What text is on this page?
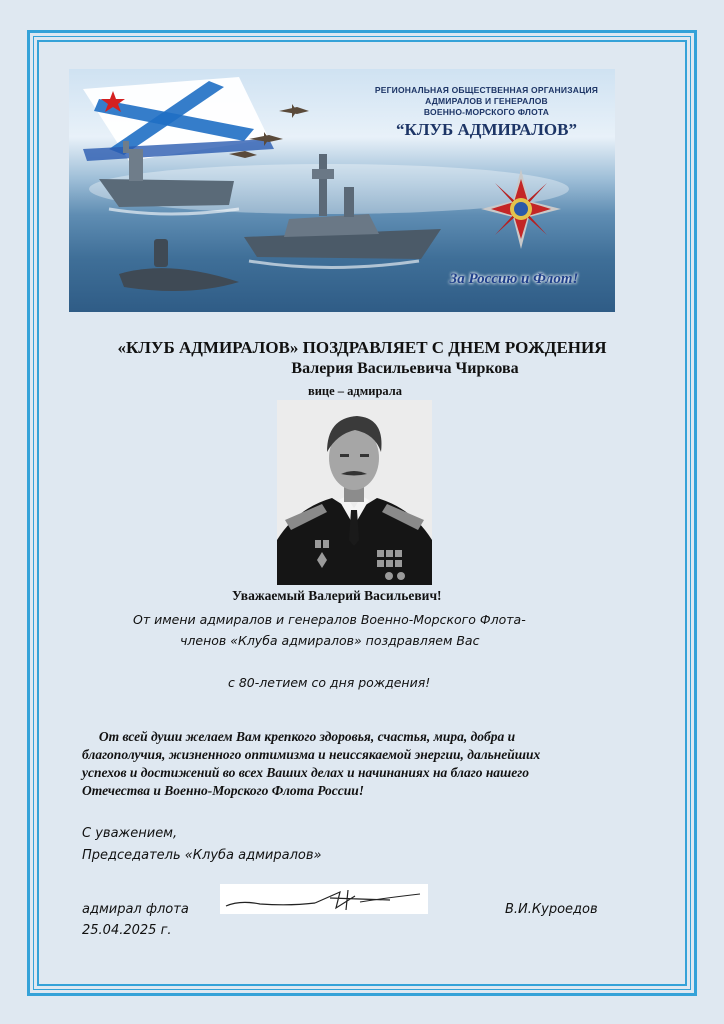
РЕГИОНАЛЬНАЯ ОБЩЕСТВЕННАЯ ОРГАНИЗАЦИЯ
АДМИРАЛОВ И ГЕНЕРАЛОВ
ВОЕННО-МОРСКОГО ФЛОТА
“КЛУБ АДМИРАЛОВ”
За Россию и Флот!
«КЛУБ АДМИРАЛОВ» ПОЗДРАВЛЯЕТ С ДНЕМ РОЖДЕНИЯ
Валерия Васильевича Чиркова
вице – адмирала
Уважаемый Валерий Васильевич!
От имени адмиралов и генералов Военно-Морского Флота-
членов «Клуба адмиралов» поздравляем Вас
с 80-летием со дня рождения!
От всей души желаем Вам крепкого здоровья, счастья, мира, добра и
благополучия, жизненного оптимизма и неиссякаемой энергии, дальнейших
успехов и достижений во всех Ваших делах и начинаниях на благо нашего
Отечества и Военно-Морского Флота России!
С уважением,
Председатель «Клуба адмиралов»
адмирал флота	В.И.Куроедов
25.04.2025 г.
